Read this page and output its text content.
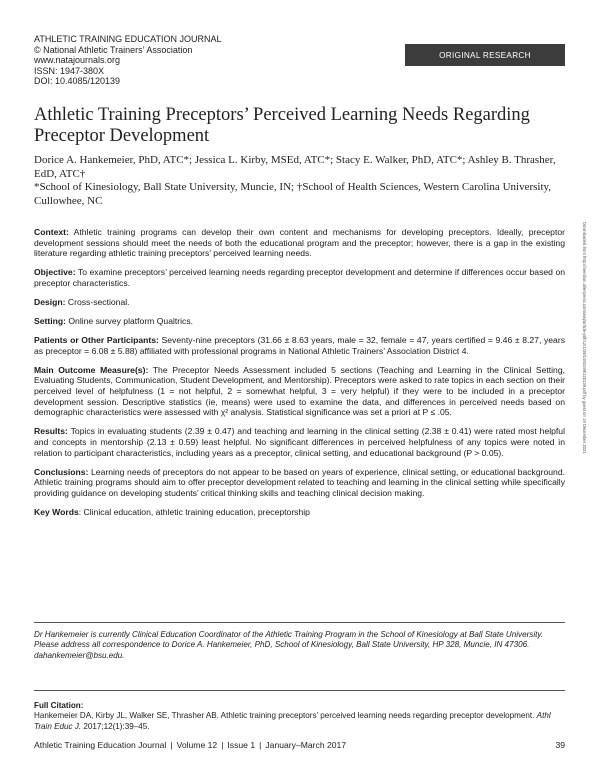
ATHLETIC TRAINING EDUCATION JOURNAL
© National Athletic Trainers’ Association
www.natajournals.org
ISSN: 1947-380X
DOI: 10.4085/120139
ORIGINAL RESEARCH
Athletic Training Preceptors’ Perceived Learning Needs Regarding Preceptor Development
Dorice A. Hankemeier, PhD, ATC*; Jessica L. Kirby, MSEd, ATC*; Stacy E. Walker, PhD, ATC*; Ashley B. Thrasher, EdD, ATC†
*School of Kinesiology, Ball State University, Muncie, IN; †School of Health Sciences, Western Carolina University, Cullowhee, NC

Context: Athletic training programs can develop their own content and mechanisms for developing preceptors. Ideally, preceptor development sessions should meet the needs of both the educational program and the preceptor; however, there is a gap in the existing literature regarding athletic training preceptors’ perceived learning needs.

Objective: To examine preceptors’ perceived learning needs regarding preceptor development and determine if differences occur based on preceptor characteristics.

Design: Cross-sectional.

Setting: Online survey platform Qualtrics.

Patients or Other Participants: Seventy-nine preceptors (31.66 ± 8.63 years, male = 32, female = 47, years certified = 9.46 ± 8.27, years as preceptor = 6.08 ± 5.88) affiliated with professional programs in National Athletic Trainers’ Association District 4.

Main Outcome Measure(s): The Preceptor Needs Assessment included 5 sections (Teaching and Learning in the Clinical Setting, Evaluating Students, Communication, Student Development, and Mentorship). Preceptors were asked to rate topics in each section on their perceived level of helpfulness (1 = not helpful, 2 = somewhat helpful, 3 = very helpful) if they were to be included in a preceptor development session. Descriptive statistics (ie, means) were used to examine the data, and differences in perceived needs based on demographic characteristics were assessed with χ² analysis. Statistical significance was set a priori at P ≤ .05.

Results: Topics in evaluating students (2.39 ± 0.47) and teaching and learning in the clinical setting (2.38 ± 0.41) were rated most helpful and concepts in mentorship (2.13 ± 0.59) least helpful. No significant differences in perceived helpfulness of any topics were noted in relation to participant characteristics, including years as a preceptor, clinical setting, and educational background (P > 0.05).

Conclusions: Learning needs of preceptors do not appear to be based on years of experience, clinical setting, or educational background. Athletic training programs should aim to offer preceptor development related to teaching and learning in the clinical setting while specifically providing guidance on developing students’ critical thinking skills and teaching clinical decision making.

Key Words: Clinical education, athletic training education, preceptorship

Downloaded from http://meridian.allenpress.com/atej/article-pdf/12/1/39/1492199/120139.pdf by guest on 19 December 2021
Dr Hankemeier is currently Clinical Education Coordinator of the Athletic Training Program in the School of Kinesiology at Ball State University. Please address all correspondence to Dorice A. Hankemeier, PhD, School of Kinesiology, Ball State University, HP 328, Muncie, IN 47306. dahankemeier@bsu.edu.
Full Citation:
Hankemeier DA, Kirby JL, Walker SE, Thrasher AB. Athletic training preceptors’ perceived learning needs regarding preceptor development. Athl Train Educ J. 2017;12(1):39–45.
Athletic Training Education Journal | Volume 12 | Issue 1 | January–March 2017	39
